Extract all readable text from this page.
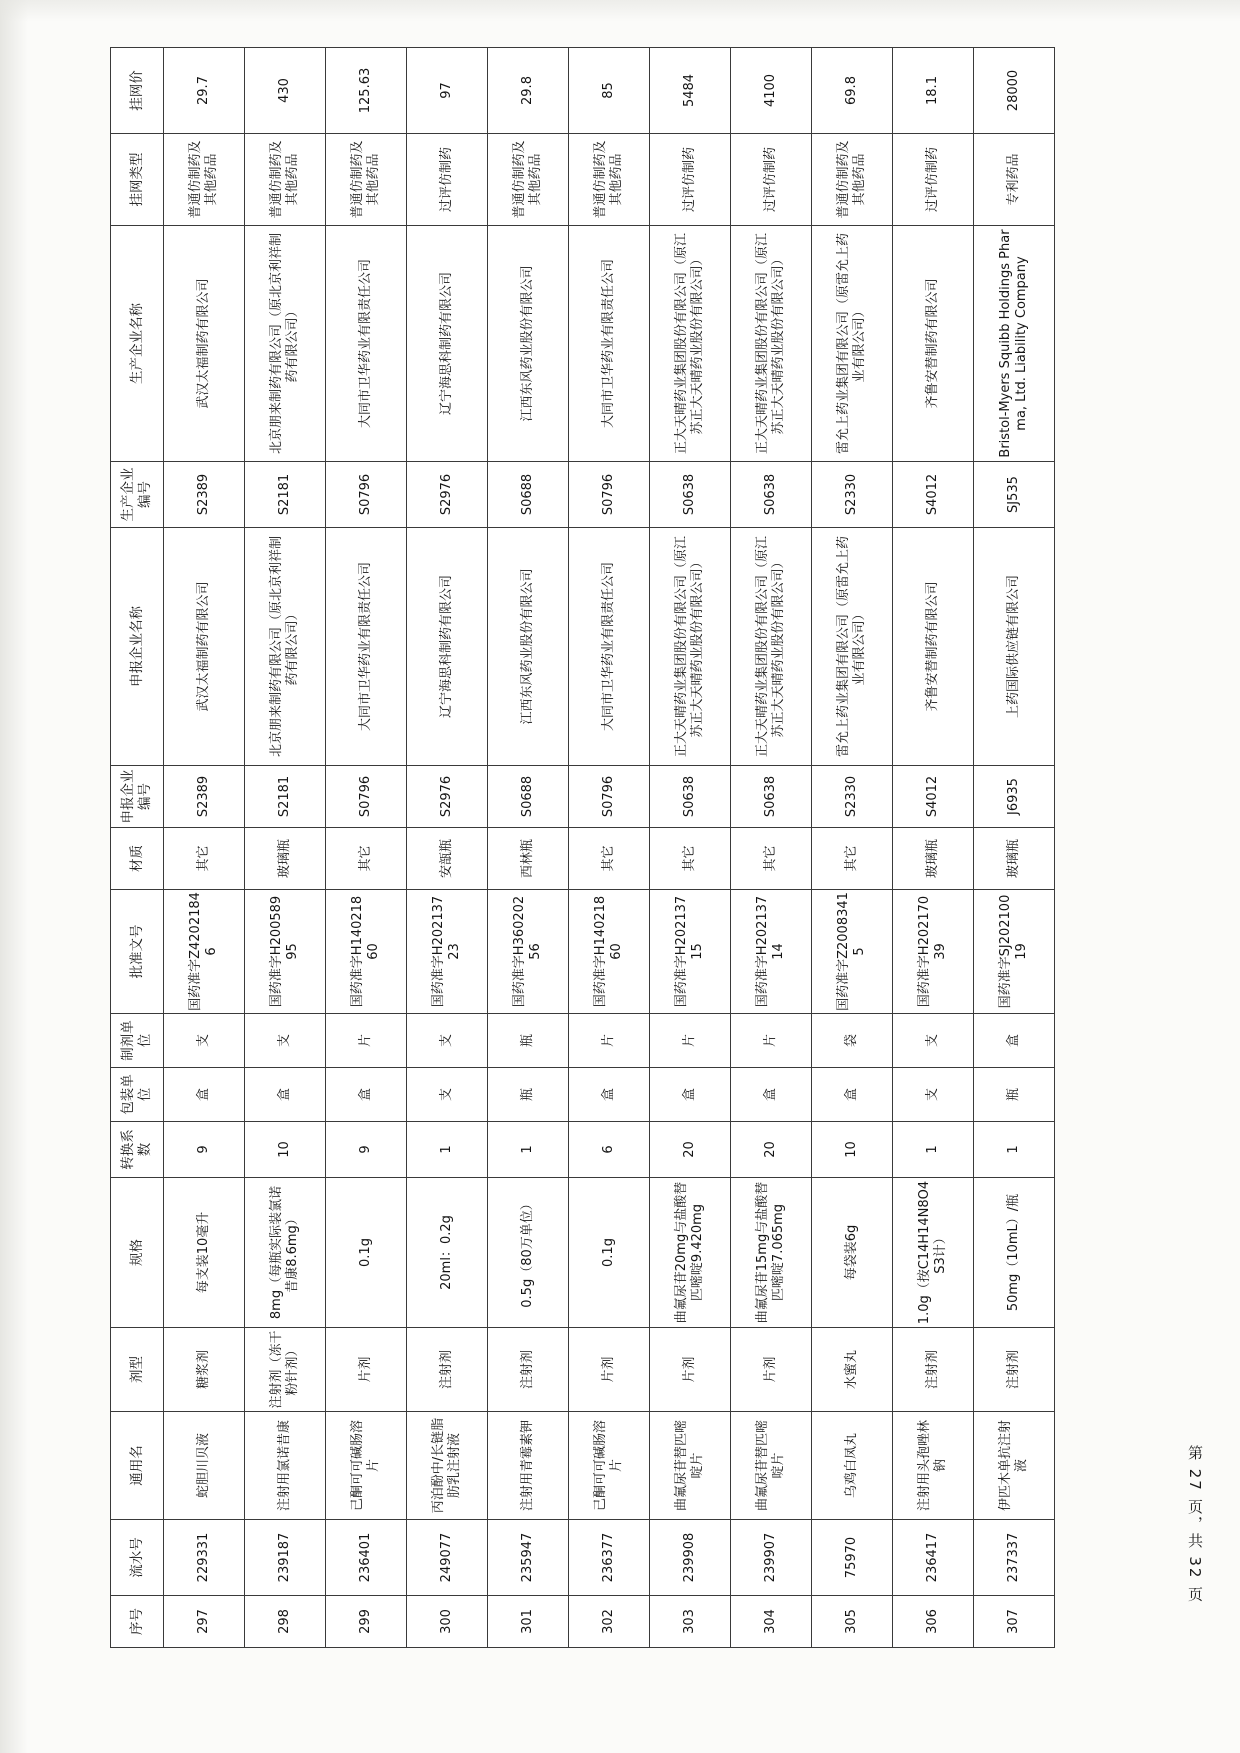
序号	流水号	通用名	剂型	规格	转换系数	包装单位	制剂单位	批准文号	材质	申报企业编号	申报企业名称	生产企业编号	生产企业名称	挂网类型	挂网价
297	229331	蛇胆川贝液	糖浆剂	每支装10毫升	9	盒	支	国药准字Z42021846	其它	S2389	武汉太福制药有限公司	S2389	武汉太福制药有限公司	普通仿制药及其他药品	29.7
298	239187	注射用氯诺昔康	注射剂（冻干粉针剂）	8mg（每瓶实际装氯诺昔康8.6mg）	10	盒	支	国药准字H20058995	玻璃瓶	S2181	北京朋来制药有限公司（原北京利祥制药有限公司）	S2181	北京朋来制药有限公司（原北京利祥制药有限公司）	普通仿制药及其他药品	430
299	236401	己酮可可碱肠溶片	片剂	0.1g	9	盒	片	国药准字H14021860	其它	S0796	大同市卫华药业有限责任公司	S0796	大同市卫华药业有限责任公司	普通仿制药及其他药品	125.63
300	249077	丙泊酚中/长链脂肪乳注射液	注射剂	20ml：0.2g	1	支	支	国药准字H20213723	安瓿瓶	S2976	辽宁海思科制药有限公司	S2976	辽宁海思科制药有限公司	过评仿制药	97
301	235947	注射用青霉素钾	注射剂	0.5g（80万单位）	1	瓶	瓶	国药准字H36020256	西林瓶	S0688	江西东风药业股份有限公司	S0688	江西东风药业股份有限公司	普通仿制药及其他药品	29.8
302	236377	己酮可可碱肠溶片	片剂	0.1g	6	盒	片	国药准字H14021860	其它	S0796	大同市卫华药业有限责任公司	S0796	大同市卫华药业有限责任公司	普通仿制药及其他药品	85
303	239908	曲氟尿苷替匹嘧啶片	片剂	曲氟尿苷20mg与盐酸替匹嘧啶9.420mg	20	盒	片	国药准字H20213715	其它	S0638	正大天晴药业集团股份有限公司（原江苏正大天晴药业股份有限公司）	S0638	正大天晴药业集团股份有限公司（原江苏正大天晴药业股份有限公司）	过评仿制药	5484
304	239907	曲氟尿苷替匹嘧啶片	片剂	曲氟尿苷15mg与盐酸替匹嘧啶7.065mg	20	盒	片	国药准字H20213714	其它	S0638	正大天晴药业集团股份有限公司（原江苏正大天晴药业股份有限公司）	S0638	正大天晴药业集团股份有限公司（原江苏正大天晴药业股份有限公司）	过评仿制药	4100
305	75970	乌鸡白凤丸	水蜜丸	每袋装6g	10	盒	袋	国药准字Z20083415	其它	S2330	雷允上药业集团有限公司（原雷允上药业有限公司）	S2330	雷允上药业集团有限公司（原雷允上药业有限公司）	普通仿制药及其他药品	69.8
306	236417	注射用头孢唑林钠	注射剂	1.0g（按C14H14N8O4S3计）	1	支	支	国药准字H20217039	玻璃瓶	S4012	齐鲁安替制药有限公司	S4012	齐鲁安替制药有限公司	过评仿制药	18.1
307	237337	伊匹木单抗注射液	注射剂	50mg（10mL）/瓶	1	瓶	盒	国药准字SJ20210019	玻璃瓶	J6935	上药国际供应链有限公司	SJ535	Bristol-Myers Squibb Holdings Pharma, Ltd. Liability Company	专利药品	28000
第 27 页，共 32 页
